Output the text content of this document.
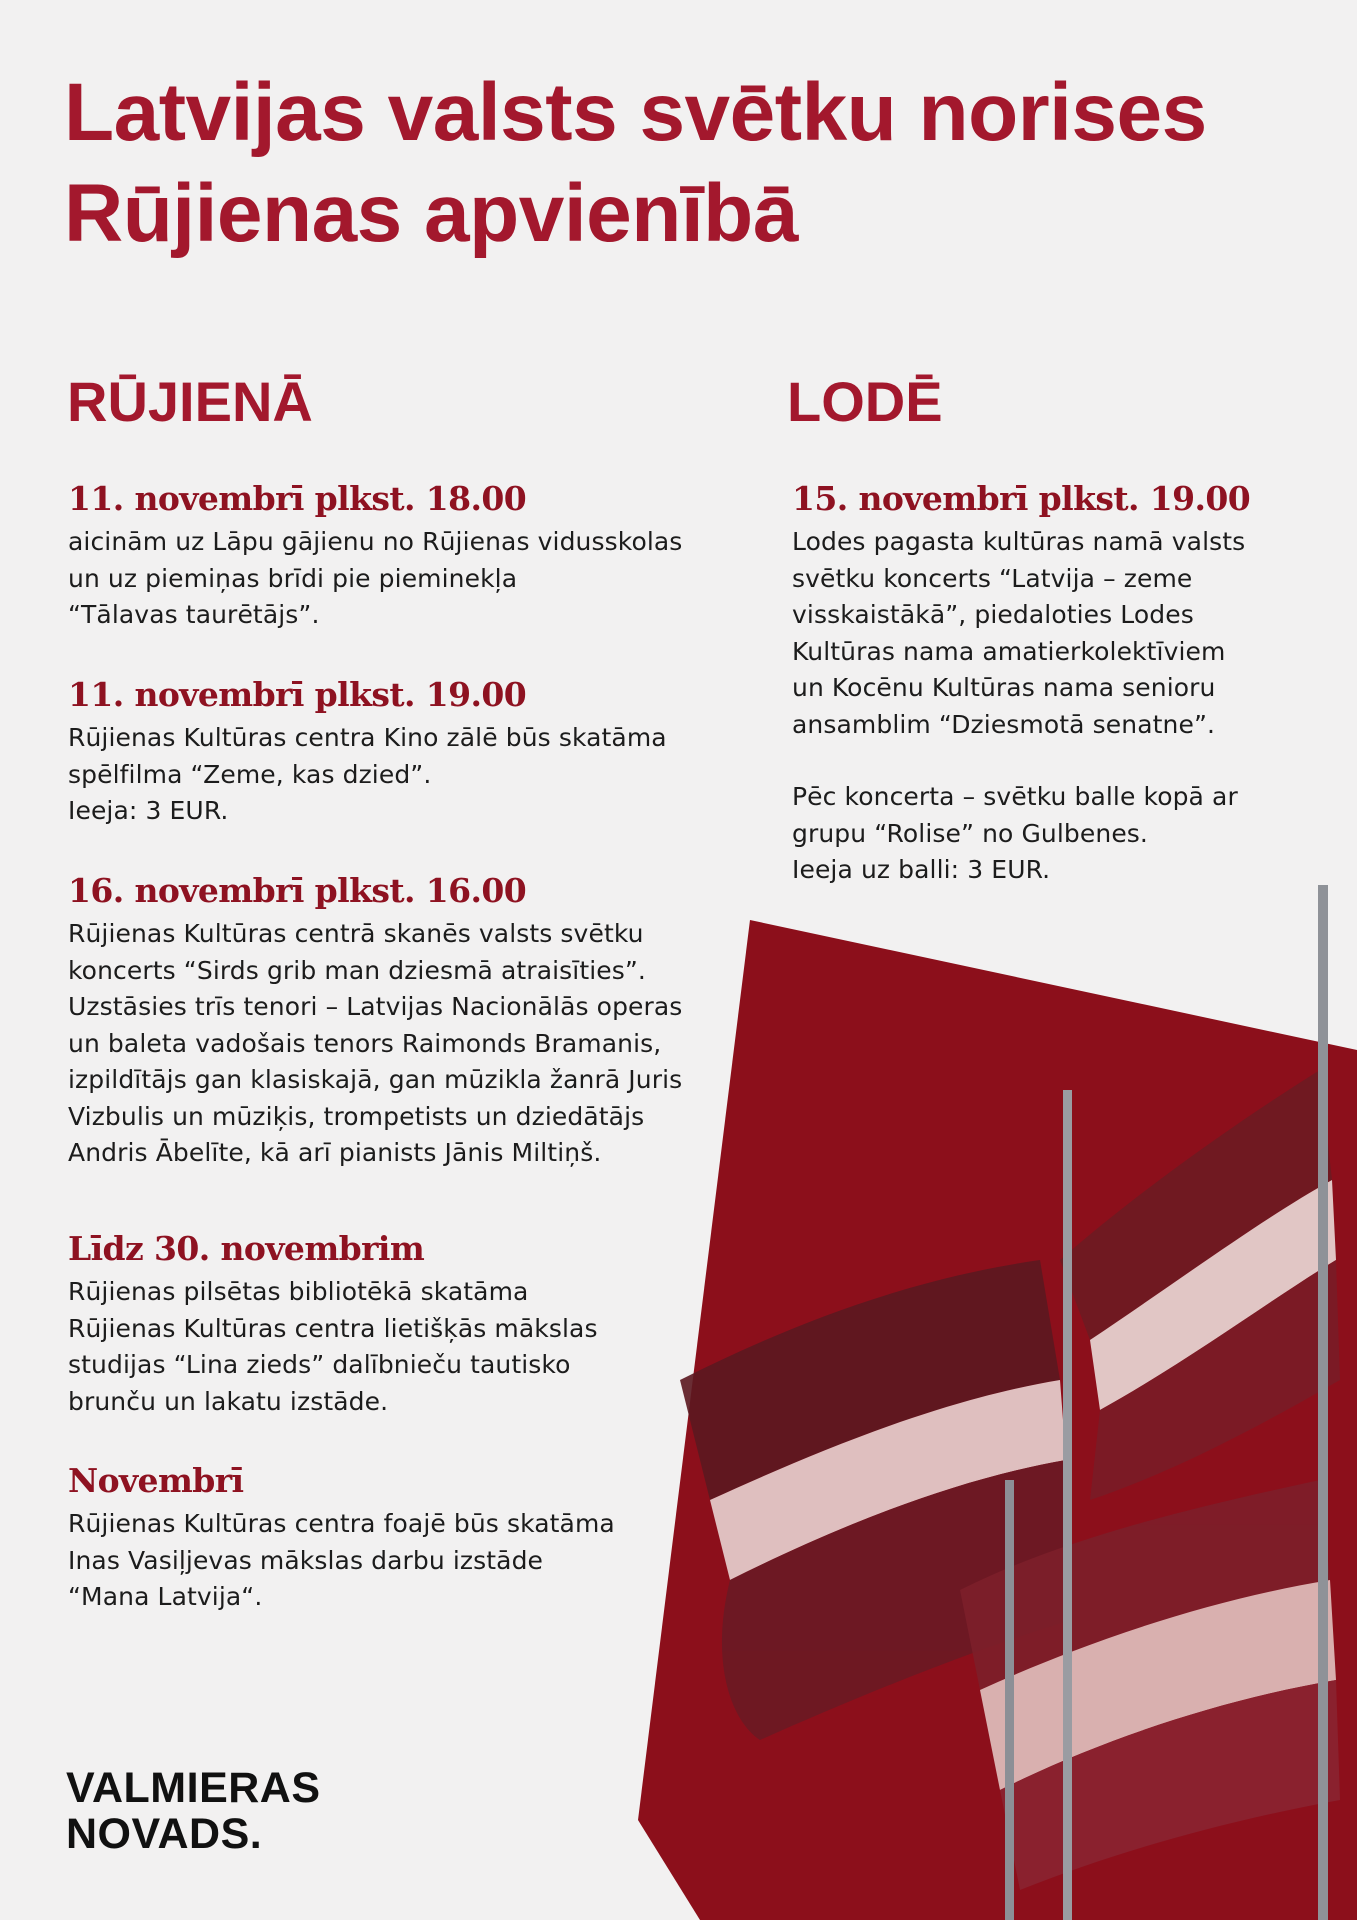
Latvijas valsts svētku norises
Rūjienas apvienībā
RŪJIENĀ
11. novembrī plkst. 18.00

aicinām uz Lāpu gājienu no Rūjienas vidusskolas
un uz piemiņas brīdi pie pieminekļa
“Tālavas taurētājs”.

11. novembrī plkst. 19.00

Rūjienas Kultūras centra Kino zālē būs skatāma
spēlfilma “Zeme, kas dzied”.
Ieeja: 3 EUR.

16. novembrī plkst. 16.00

Rūjienas Kultūras centrā skanēs valsts svētku
koncerts “Sirds grib man dziesmā atraisīties”.
Uzstāsies trīs tenori – Latvijas Nacionālās operas
un baleta vadošais tenors Raimonds Bramanis,
izpildītājs gan klasiskajā, gan mūzikla žanrā Juris
Vizbulis un mūziķis, trompetists un dziedātājs
Andris Ābelīte, kā arī pianists Jānis Miltiņš.

Līdz 30. novembrim

Rūjienas pilsētas bibliotēkā skatāma
Rūjienas Kultūras centra lietišķās mākslas
studijas “Lina zieds” dalībnieču tautisko
brunču un lakatu izstāde.

Novembrī

Rūjienas Kultūras centra foajē būs skatāma
Inas Vasiļjevas mākslas darbu izstāde
“Mana Latvija“.

LODĒ
15. novembrī plkst. 19.00

Lodes pagasta kultūras namā valsts
svētku koncerts “Latvija – zeme
visskaistākā”, piedaloties Lodes
Kultūras nama amatierkolektīviem
un Kocēnu Kultūras nama senioru
ansamblim “Dziesmotā senatne”.

Pēc koncerta – svētku balle kopā ar
grupu “Rolise” no Gulbenes.
Ieeja uz balli: 3 EUR.

VALMIERAS
NOVADS.
